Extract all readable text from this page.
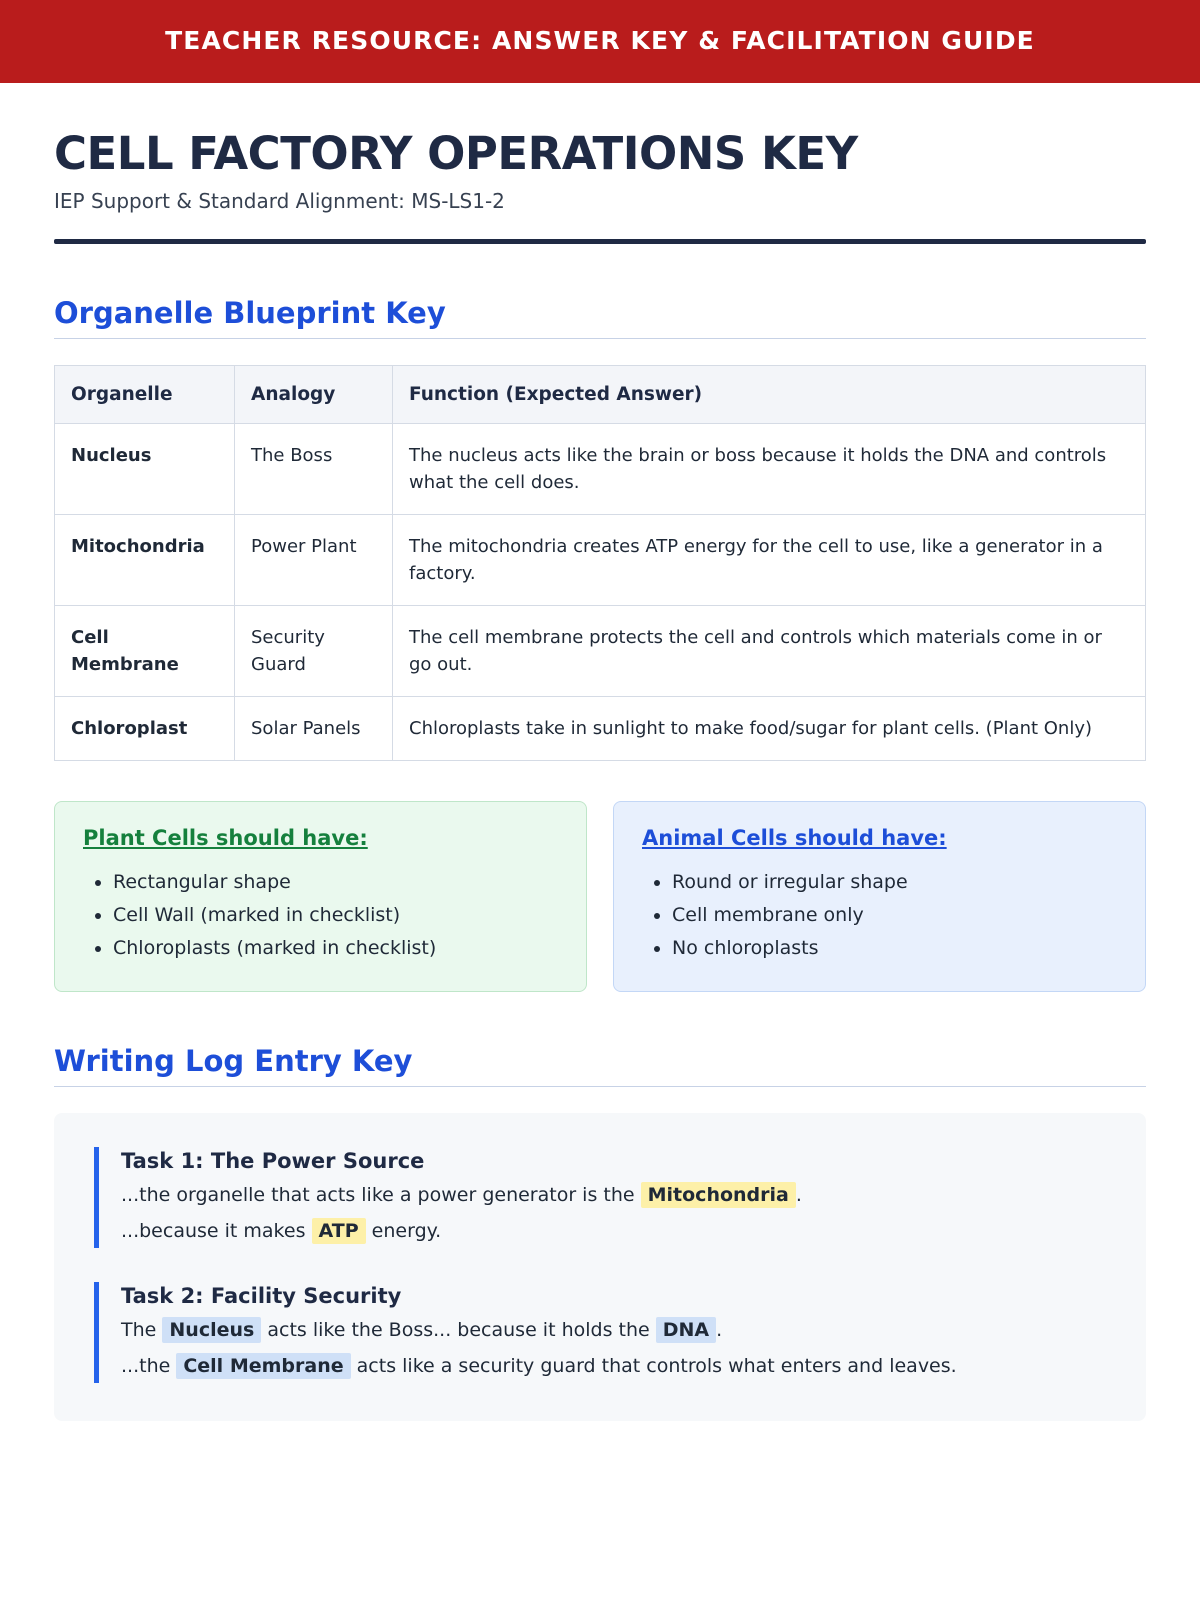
TEACHER RESOURCE: ANSWER KEY & FACILITATION GUIDE
CELL FACTORY OPERATIONS KEY

IEP Support & Standard Alignment: MS-LS1-2

Organelle Blueprint Key
Organelle	Analogy	Function (Expected Answer)
Nucleus	The Boss	The nucleus acts like the brain or boss because it holds the DNA and controls what the cell does.
Mitochondria	Power Plant	The mitochondria creates ATP energy for the cell to use, like a generator in a factory.
Cell Membrane	Security Guard	The cell membrane protects the cell and controls which materials come in or go out.
Chloroplast	Solar Panels	Chloroplasts take in sunlight to make food/sugar for plant cells. (Plant Only)
Plant Cells should have:
• Rectangular shape
• Cell Wall (marked in checklist)
• Chloroplasts (marked in checklist)
Animal Cells should have:
• Round or irregular shape
• Cell membrane only
• No chloroplasts
Writing Log Entry Key
Task 1: The Power Source

...the organelle that acts like a power generator is the Mitochondria .

...because it makes ATP energy.

Task 2: Facility Security

The Nucleus acts like the Boss... because it holds the DNA .

...the Cell Membrane acts like a security guard that controls what enters and leaves.
